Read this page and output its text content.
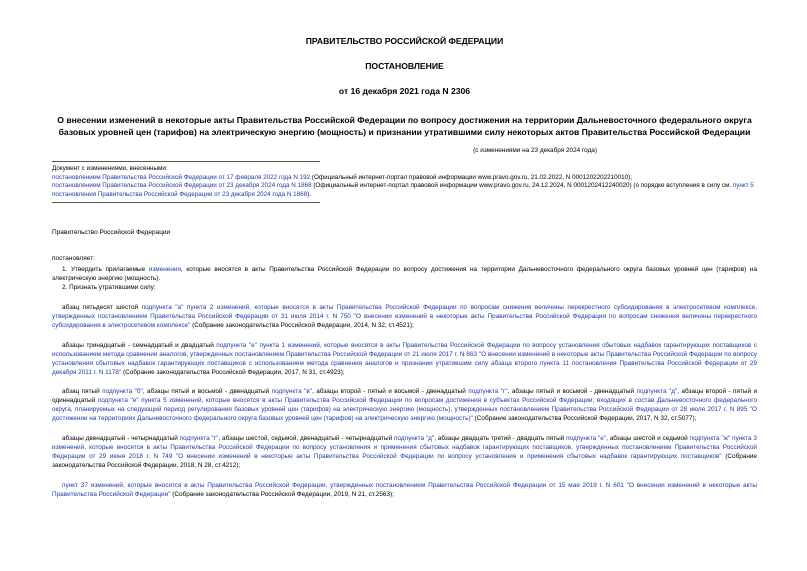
ПРАВИТЕЛЬСТВО РОССИЙСКОЙ ФЕДЕРАЦИИ
ПОСТАНОВЛЕНИЕ
от 16 декабря 2021 года N 2306
О внесении изменений в некоторые акты Правительства Российской Федерации по вопросу достижения на территории Дальневосточного федерального округа базовых уровней цен (тарифов) на электрическую энергию (мощность) и признании утратившими силу некоторых актов Правительства Российской Федерации
(с изменениями на 23 декабря 2024 года)
Документ с изменениями, внесенными:
постановлением Правительства Российской Федерации от 17 февраля 2022 года N 192 (Официальный интернет-портал правовой информации www.pravo.gov.ru, 21.02.2022, N 0001202202210010);
постановлением Правительства Российской Федерации от 23 декабря 2024 года N 1868 (Официальный интернет-портал правовой информации www.pravo.gov.ru, 24.12.2024, N 0001202412240020) (о порядке вступления в силу см. пункт 5 постановления Правительства Российской Федерации от 23 декабря 2024 года N 1868).
Правительство Российской Федерации
постановляет:
1. Утвердить прилагаемые изменения, которые вносятся в акты Правительства Российской Федерации по вопросу достижения на территории Дальневосточного федерального округа базовых уровней цен (тарифов) на электрическую энергию (мощность).
2. Признать утратившими силу:
абзац пятьдесят шестой подпункта "а" пункта 2 изменений, которые вносятся в акты Правительства Российской Федерации по вопросам снижения величины перекрестного субсидирования в электросетевом комплексе, утвержденных постановлением Правительства Российской Федерации от 31 июля 2014 г. N 750 "О внесении изменений в некоторые акты Правительства Российской Федерации по вопросам снижения величины перекрестного субсидирования в электросетевом комплексе" (Собрание законодательства Российской Федерации, 2014, N 32, ст.4521);
абзацы тринадцатый - семнадцатый и двадцатый подпункта "е" пункта 1 изменений, которые вносятся в акты Правительства Российской Федерации по вопросу установления сбытовых надбавок гарантирующих поставщиков с использованием метода сравнения аналогов, утвержденных постановлением Правительства Российской Федерации от 21 июля 2017 г. N 863 "О внесении изменений в некоторые акты Правительства Российской Федерации по вопросу установления сбытовых надбавок гарантирующих поставщиков с использованием метода сравнения аналогов и признании утратившим силу абзаца второго пункта 11 постановления Правительства Российской Федерации от 29 декабря 2011 г. N 1178" (Собрание законодательства Российской Федерации, 2017, N 31, ст.4923);
абзац пятый подпункта "б", абзацы пятый и восьмой - двенадцатый подпункта "в", абзацы второй - пятый и восьмой - двенадцатый подпункта "г", абзацы пятый и восьмой - двенадцатый подпункта "д", абзацы второй - пятый и одиннадцатый подпункта "е" пункта 5 изменений, которые вносятся в акты Правительства Российской Федерации по вопросам достижения в субъектах Российской Федерации, входящих в состав Дальневосточного федерального округа, планируемых на следующий период регулирования базовых уровней цен (тарифов) на электрическую энергию (мощность), утвержденных постановлением Правительства Российской Федерации от 28 июля 2017 г. N 895 "О достижении на территориях Дальневосточного федерального округа базовых уровней цен (тарифов) на электрическую энергию (мощность)" (Собрание законодательства Российской Федерации, 2017, N 32, ст.5077);
абзацы двенадцатый - четырнадцатый подпункта "г", абзацы шестой, седьмой, двенадцатый - четырнадцатый подпункта "д", абзацы двадцать третий - двадцать пятый подпункта "е", абзацы шестой и седьмой подпункта "ж" пункта 3 изменений, которые вносятся в акты Правительства Российской Федерации по вопросу установления и применения сбытовых надбавок гарантирующих поставщиков, утвержденных постановлением Правительства Российской Федерации от 29 июня 2018 г. N 749 "О внесении изменений в некоторые акты Правительства Российской Федерации по вопросу установления и применения сбытовых надбавок гарантирующих поставщиков" (Собрание законодательства Российской Федерации, 2018, N 28, ст.4212);
пункт 37 изменений, которые вносятся в акты Правительства Российской Федерации, утвержденных постановлением Правительства Российской Федерации от 15 мая 2019 г. N 601 "О внесении изменений в некоторые акты Правительства Российской Федерации" (Собрание законодательства Российской Федерации, 2019, N 21, ст.2563);
